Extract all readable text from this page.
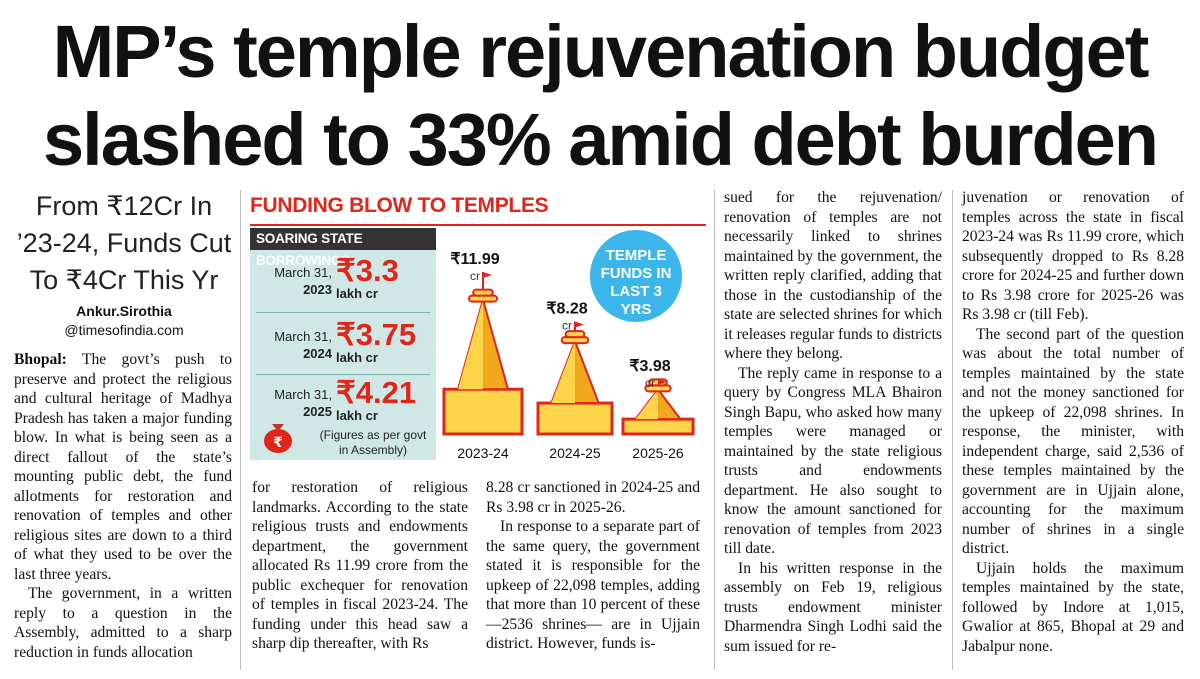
MP’s temple rejuvenation budget
slashed to 33% amid debt burden
From ₹12Cr In
’23-24, Funds Cut
To ₹4Cr This Yr
Ankur.Sirothia
@timesofindia.com

Bhopal: The govt’s push to preserve and protect the religious and cultural heritage of Madhya Pradesh has taken a major funding blow. In what is being seen as a direct fallout of the state’s mounting public debt, the fund allotments for restoration and renovation of temples and other religious sites are down to a third of what they used to be over the last three years.

The government, in a written reply to a question in the Assembly, admitted to a sharp reduction in funds allocation

FUNDING BLOW TO TEMPLES
SOARING STATE BORROWINGS
March 31,
2023
₹3.3
lakh cr
March 31,
2024
₹3.75
lakh cr
March 31,
2025
₹4.21
lakh cr
₹	(Figures as per govt in Assembly)
₹11.99
cr
2023-24
₹8.28
cr
2024-25
₹3.98
cr
2025-26
TEMPLE
FUNDS IN
LAST 3
YRS

for restoration of religious landmarks. According to the state religious trusts and endowments department, the government allocated Rs 11.99 crore from the public exchequer for renovation of temples in fiscal 2023-24. The funding under this head saw a sharp dip thereafter, with Rs

8.28 cr sanctioned in 2024-25 and Rs 3.98 cr in 2025-26.

In response to a separate part of the same query, the government stated it is responsible for the upkeep of 22,098 temples, adding that more than 10 percent of these —2536 shrines— are in Ujjain district. However, funds is-

sued for the rejuvenation/ renovation of temples are not necessarily linked to shrines maintained by the government, the written reply clarified, adding that those in the custodianship of the state are selected shrines for which it releases regular funds to districts where they belong.

The reply came in response to a query by Congress MLA Bhairon Singh Bapu, who asked how many temples were managed or maintained by the state religious trusts and endowments department. He also sought to know the amount sanctioned for renovation of temples from 2023 till date.

In his written response in the assembly on Feb 19, religious trusts endowment minister Dharmendra Singh Lodhi said the sum issued for re-

juvenation or renovation of temples across the state in fiscal 2023-24 was Rs 11.99 crore, which subsequently dropped to Rs 8.28 crore for 2024-25 and further down to Rs 3.98 crore for 2025-26 was Rs 3.98 cr (till Feb).

The second part of the question was about the total number of temples maintained by the state and not the money sanctioned for the upkeep of 22,098 shrines. In response, the minister, with independent charge, said 2,536 of these temples maintained by the government are in Ujjain alone, accounting for the maximum number of shrines in a single district.

Ujjain holds the maximum temples maintained by the state, followed by Indore at 1,015, Gwalior at 865, Bhopal at 29 and Jabalpur none.
